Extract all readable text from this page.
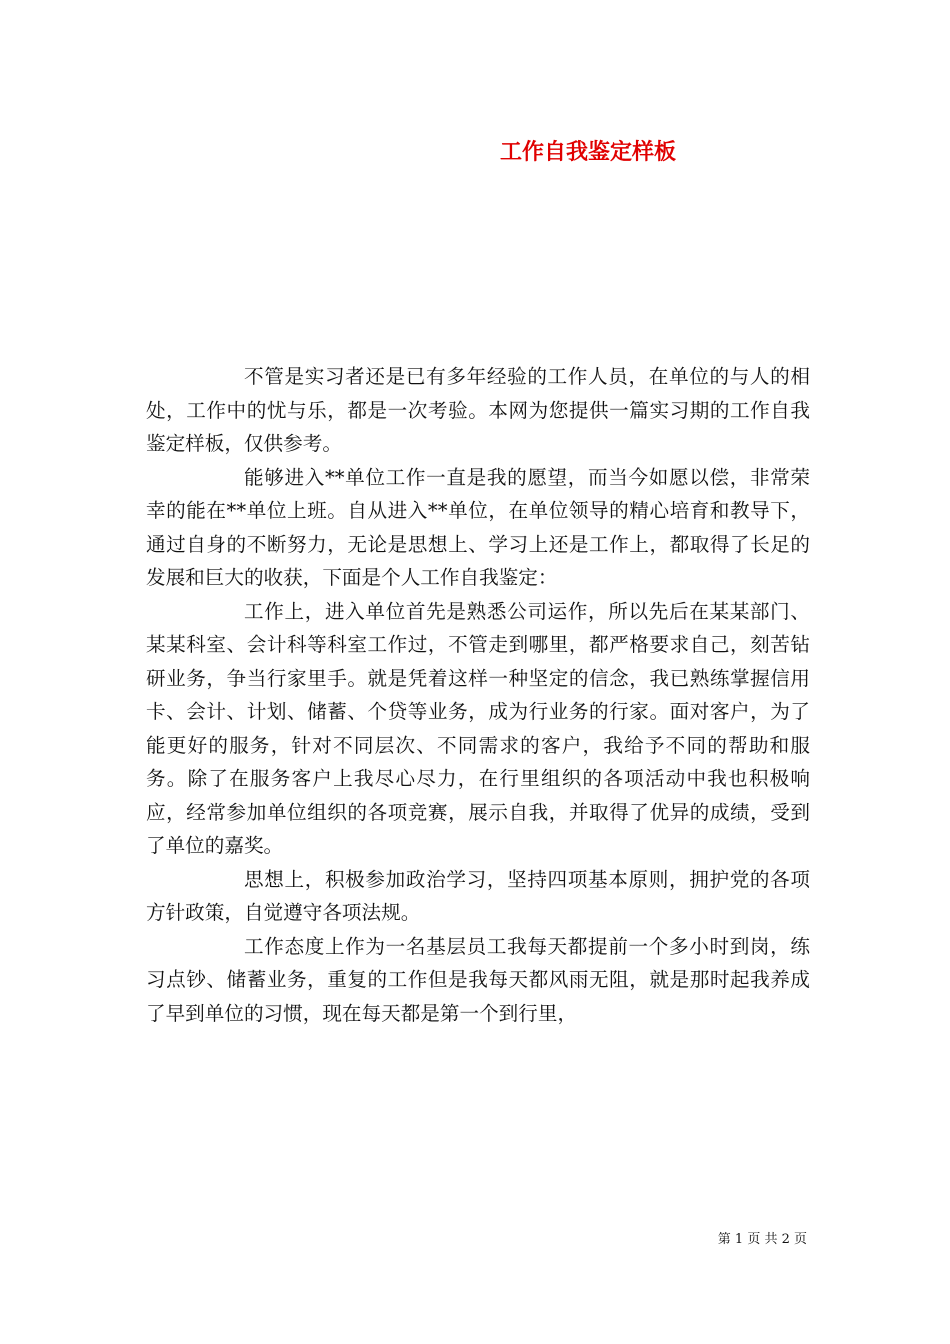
工作自我鉴定样板

不管是实习者还是已有多年经验的工作人员，在单位的与人的相处，工作中的忧与乐，都是一次考验。本网为您提供一篇实习期的工作自我鉴定样板，仅供参考。

能够进入**单位工作一直是我的愿望，而当今如愿以偿，非常荣幸的能在**单位上班。自从进入**单位，在单位领导的精心培育和教导下，通过自身的不断努力，无论是思想上、学习上还是工作上，都取得了长足的发展和巨大的收获，下面是个人工作自我鉴定：

工作上，进入单位首先是熟悉公司运作，所以先后在某某部门、某某科室、会计科等科室工作过，不管走到哪里，都严格要求自己，刻苦钻研业务，争当行家里手。就是凭着这样一种坚定的信念，我已熟练掌握信用卡、会计、计划、储蓄、个贷等业务，成为行业务的行家。面对客户，为了能更好的服务，针对不同层次、不同需求的客户，我给予不同的帮助和服务。除了在服务客户上我尽心尽力，在行里组织的各项活动中我也积极响应，经常参加单位组织的各项竞赛，展示自我，并取得了优异的成绩，受到了单位的嘉奖。

思想上，积极参加政治学习，坚持四项基本原则，拥护党的各项方针政策，自觉遵守各项法规。

工作态度上作为一名基层员工我每天都提前一个多小时到岗，练习点钞、储蓄业务，重复的工作但是我每天都风雨无阻，就是那时起我养成了早到单位的习惯，现在每天都是第一个到行里，

第 1 页 共 2 页
